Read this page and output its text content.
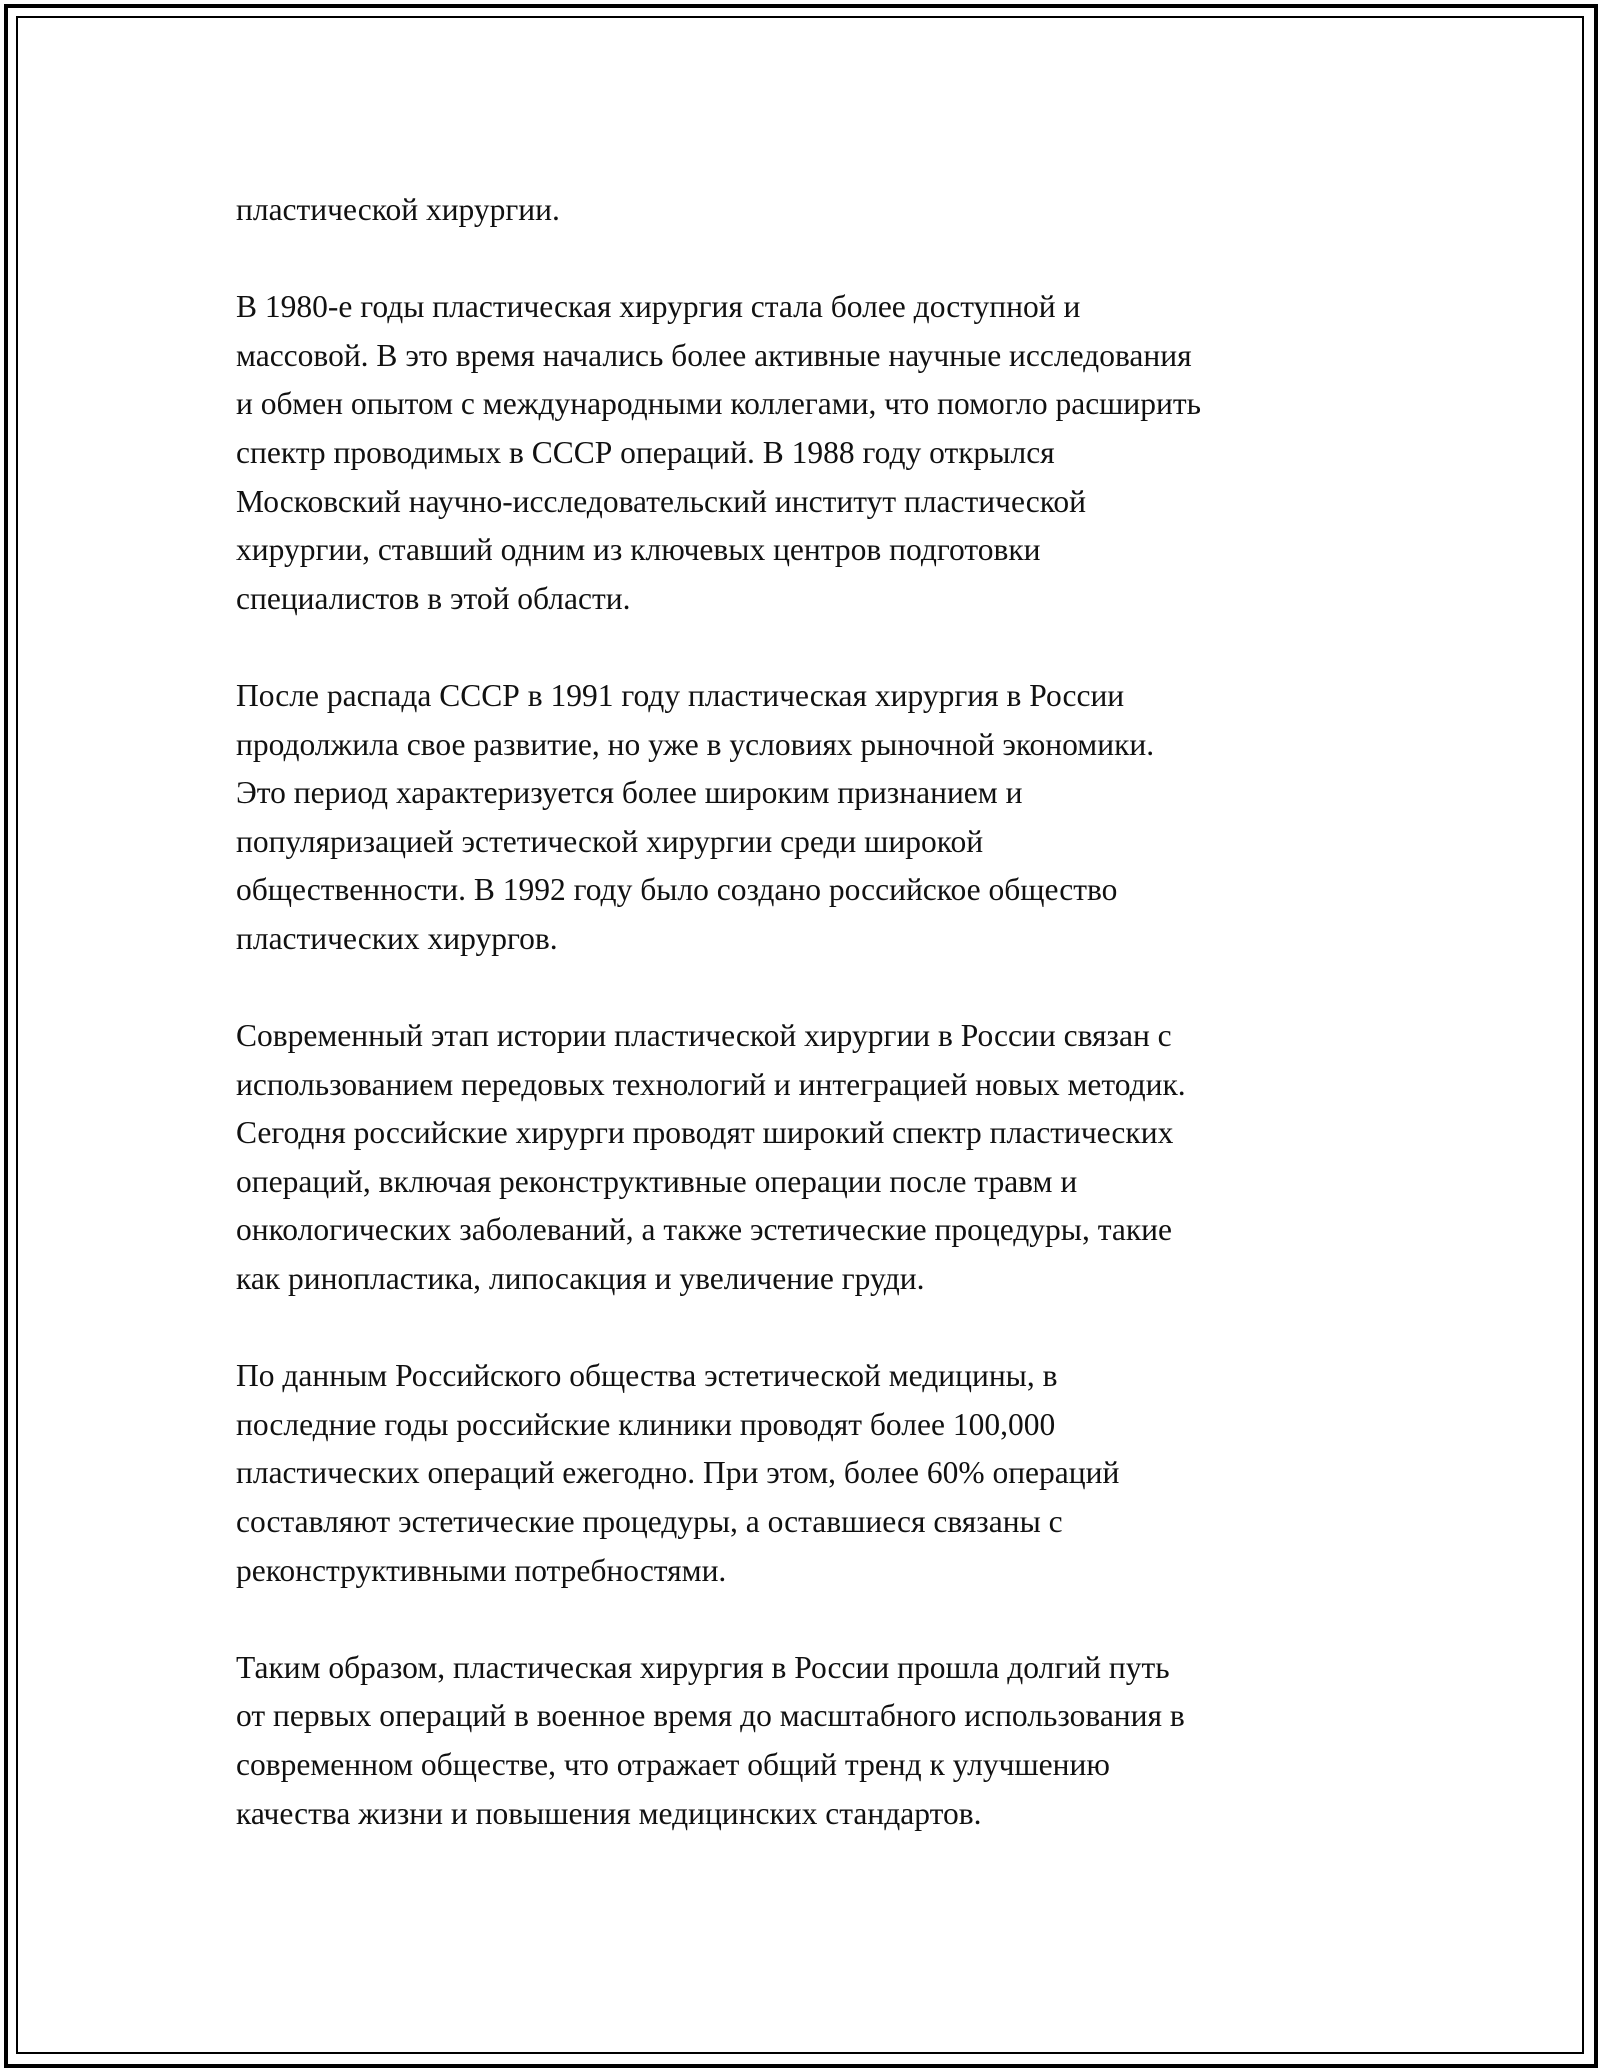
пластической хирургии.
В 1980-е годы пластическая хирургия стала более доступной и
массовой. В это время начались более активные научные исследования
и обмен опытом с международными коллегами, что помогло расширить
спектр проводимых в СССР операций. В 1988 году открылся
Московский научно-исследовательский институт пластической
хирургии, ставший одним из ключевых центров подготовки
специалистов в этой области.
После распада СССР в 1991 году пластическая хирургия в России
продолжила свое развитие, но уже в условиях рыночной экономики.
Это период характеризуется более широким признанием и
популяризацией эстетической хирургии среди широкой
общественности. В 1992 году было создано российское общество
пластических хирургов.
Современный этап истории пластической хирургии в России связан с
использованием передовых технологий и интеграцией новых методик.
Сегодня российские хирурги проводят широкий спектр пластических
операций, включая реконструктивные операции после травм и
онкологических заболеваний, а также эстетические процедуры, такие
как ринопластика, липосакция и увеличение груди.
По данным Российского общества эстетической медицины, в
последние годы российские клиники проводят более 100,000
пластических операций ежегодно. При этом, более 60% операций
составляют эстетические процедуры, а оставшиеся связаны с
реконструктивными потребностями.
Таким образом, пластическая хирургия в России прошла долгий путь
от первых операций в военное время до масштабного использования в
современном обществе, что отражает общий тренд к улучшению
качества жизни и повышения медицинских стандартов.
